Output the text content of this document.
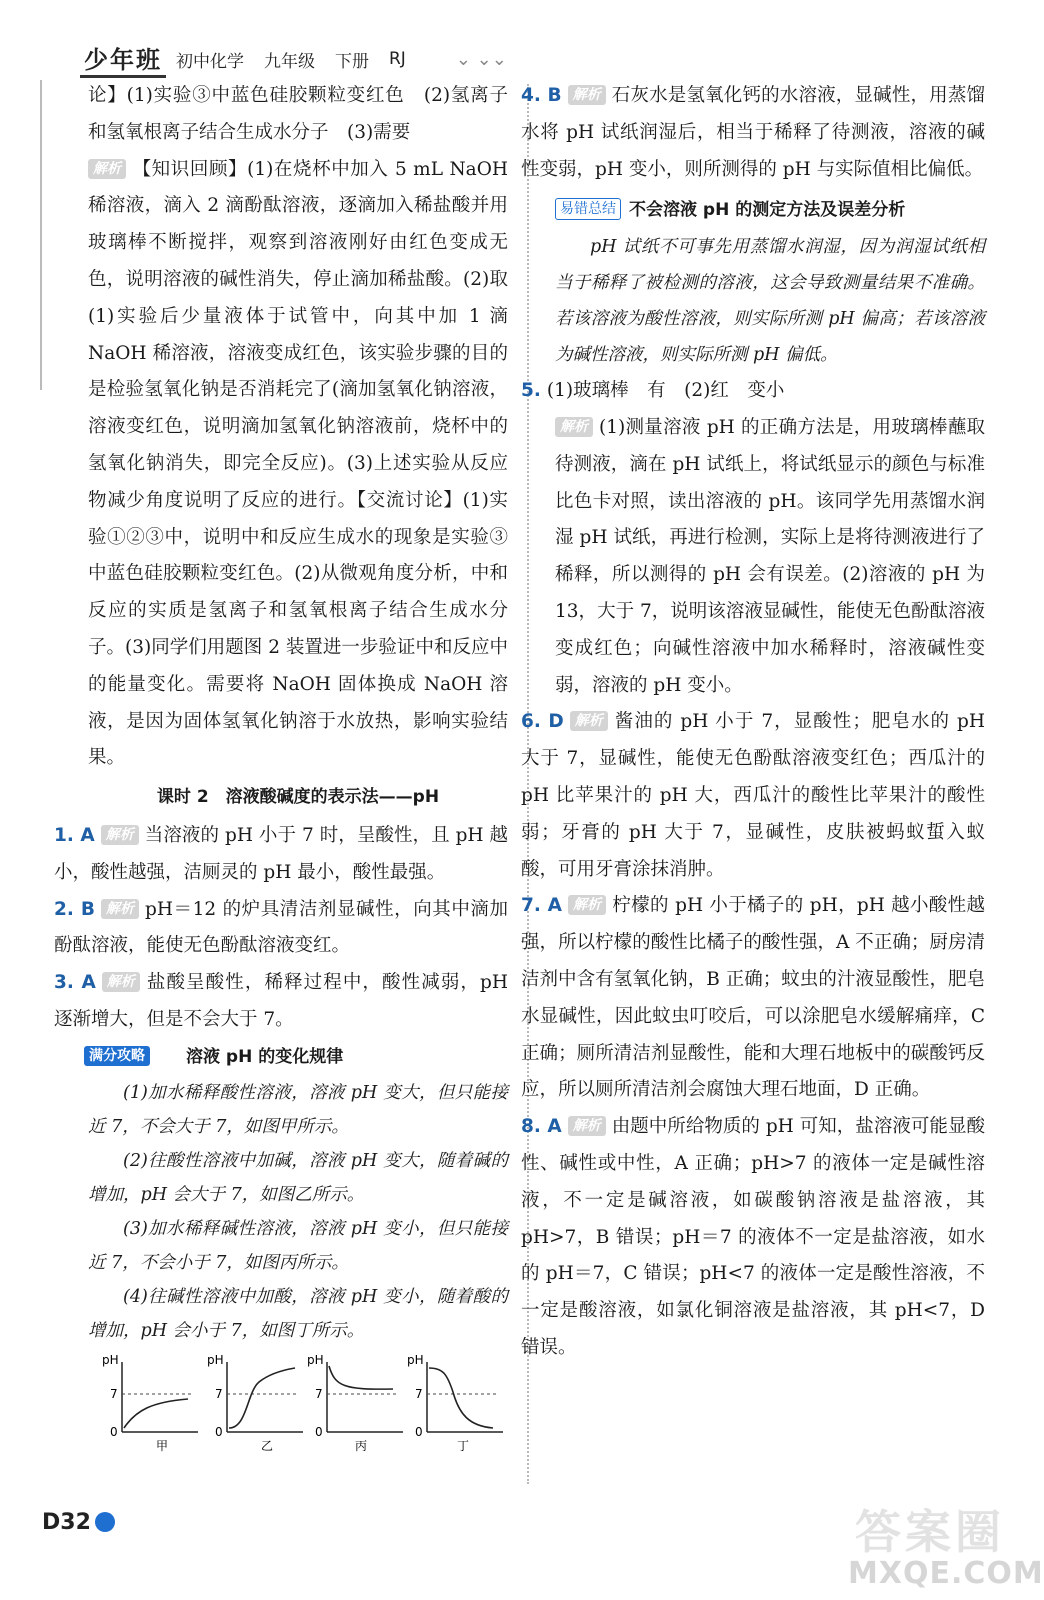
少年班 初中化学 九年级 下册 RJ	⌄ ⌄⌄

论】(1)实验③中蓝色硅胶颗粒变红色　(2)氢离子和氢氧根离子结合生成水分子　(3)需要

解析 【知识回顾】(1)在烧杯中加入 5 mL NaOH 稀溶液，滴入 2 滴酚酞溶液，逐滴加入稀盐酸并用玻璃棒不断搅拌，观察到溶液刚好由红色变成无色，说明溶液的碱性消失，停止滴加稀盐酸。(2)取(1)实验后少量液体于试管中，向其中加 1 滴 NaOH 稀溶液，溶液变成红色，该实验步骤的目的是检验氢氧化钠是否消耗完了(滴加氢氧化钠溶液，溶液变红色，说明滴加氢氧化钠溶液前，烧杯中的氢氧化钠消失，即完全反应)。(3)上述实验从反应物减少角度说明了反应的进行。【交流讨论】(1)实验①②③中，说明中和反应生成水的现象是实验③中蓝色硅胶颗粒变红色。(2)从微观角度分析，中和反应的实质是氢离子和氢氧根离子结合生成水分子。(3)同学们用题图 2 装置进一步验证中和反应中的能量变化。需要将 NaOH 固体换成 NaOH 溶液，是因为固体氢氧化钠溶于水放热，影响实验结果。

课时 2　溶液酸碱度的表示法——pH

1. A 解析 当溶液的 pH 小于 7 时，呈酸性，且 pH 越小，酸性越强，洁厕灵的 pH 最小，酸性最强。

2. B 解析 pH＝12 的炉具清洁剂显碱性，向其中滴加酚酞溶液，能使无色酚酞溶液变红。

3. A 解析 盐酸呈酸性，稀释过程中，酸性减弱，pH 逐渐增大，但是不会大于 7。

满分攻略 溶液 pH 的变化规律

(1)加水稀释酸性溶液，溶液 pH 变大，但只能接近 7，不会大于 7，如图甲所示。

(2)往酸性溶液中加碱，溶液 pH 变大，随着碱的增加，pH 会大于 7，如图乙所示。

(3)加水稀释碱性溶液，溶液 pH 变小，但只能接近 7，不会小于 7，如图丙所示。

(4)往碱性溶液中加酸，溶液 pH 变小，随着酸的增加，pH 会小于 7，如图丁所示。

pH
7
0
甲
pH
7
0
乙
pH
7
0
丙
pH
7
0
丁

4. B 解析 石灰水是氢氧化钙的水溶液，显碱性，用蒸馏水将 pH 试纸润湿后，相当于稀释了待测液，溶液的碱性变弱，pH 变小，则所测得的 pH 与实际值相比偏低。

易错总结 不会溶液 pH 的测定方法及误差分析

pH 试纸不可事先用蒸馏水润湿，因为润湿试纸相当于稀释了被检测的溶液，这会导致测量结果不准确。若该溶液为酸性溶液，则实际所测 pH 偏高；若该溶液为碱性溶液，则实际所测 pH 偏低。

5. (1)玻璃棒　有　(2)红　变小

解析 (1)测量溶液 pH 的正确方法是，用玻璃棒蘸取待测液，滴在 pH 试纸上，将试纸显示的颜色与标准比色卡对照，读出溶液的 pH。该同学先用蒸馏水润湿 pH 试纸，再进行检测，实际上是将待测液进行了稀释，所以测得的 pH 会有误差。(2)溶液的 pH 为 13，大于 7，说明该溶液显碱性，能使无色酚酞溶液变成红色；向碱性溶液中加水稀释时，溶液碱性变弱，溶液的 pH 变小。

6. D 解析 酱油的 pH 小于 7，显酸性；肥皂水的 pH 大于 7，显碱性，能使无色酚酞溶液变红色；西瓜汁的 pH 比苹果汁的 pH 大，西瓜汁的酸性比苹果汁的酸性弱；牙膏的 pH 大于 7，显碱性，皮肤被蚂蚁蜇入蚁酸，可用牙膏涂抹消肿。

7. A 解析 柠檬的 pH 小于橘子的 pH，pH 越小酸性越强，所以柠檬的酸性比橘子的酸性强，A 不正确；厨房清洁剂中含有氢氧化钠，B 正确；蚊虫的汁液显酸性，肥皂水显碱性，因此蚊虫叮咬后，可以涂肥皂水缓解痛痒，C 正确；厕所清洁剂显酸性，能和大理石地板中的碳酸钙反应，所以厕所清洁剂会腐蚀大理石地面，D 正确。

8. A 解析 由题中所给物质的 pH 可知，盐溶液可能显酸性、碱性或中性，A 正确；pH>7 的液体一定是碱性溶液，不一定是碱溶液，如碳酸钠溶液是盐溶液，其 pH>7，B 错误；pH＝7 的液体不一定是盐溶液，如水的 pH＝7，C 错误；pH<7 的液体一定是酸性溶液，不一定是酸溶液，如氯化铜溶液是盐溶液，其 pH<7，D 错误。

D32	答案圈
MXQE.COM
